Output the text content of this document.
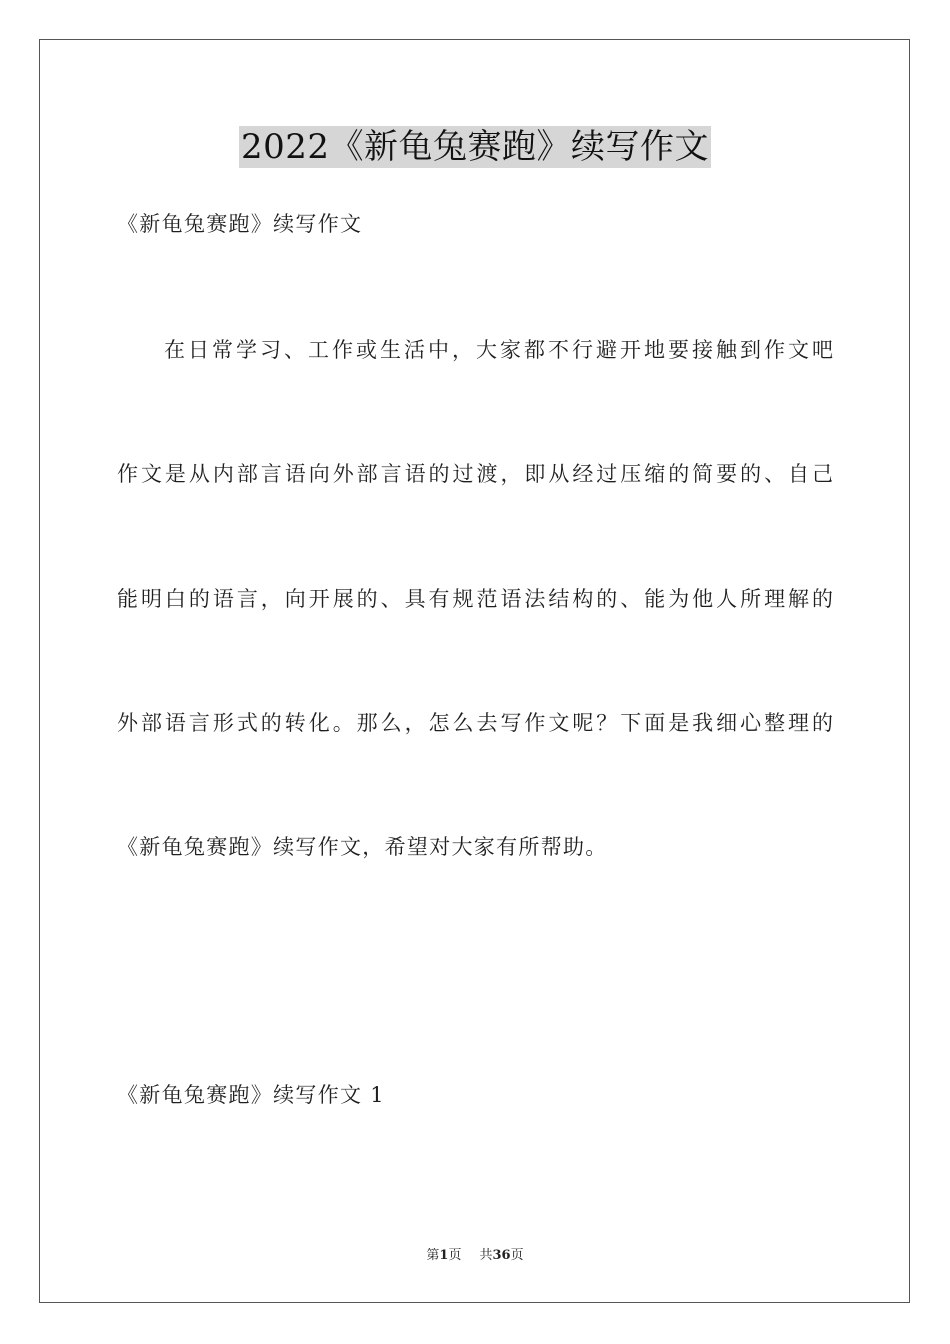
2022《新龟兔赛跑》续写作文
《新龟兔赛跑》续写作文
在日常学习、工作或生活中，大家都不行避开地要接触到作文吧
作文是从内部言语向外部言语的过渡，即从经过压缩的简要的、自己
能明白的语言，向开展的、具有规范语法结构的、能为他人所理解的
外部语言形式的转化。那么，怎么去写作文呢？下面是我细心整理的
《新龟兔赛跑》续写作文，希望对大家有所帮助。
《新龟兔赛跑》续写作文 1
第1页 共36页
